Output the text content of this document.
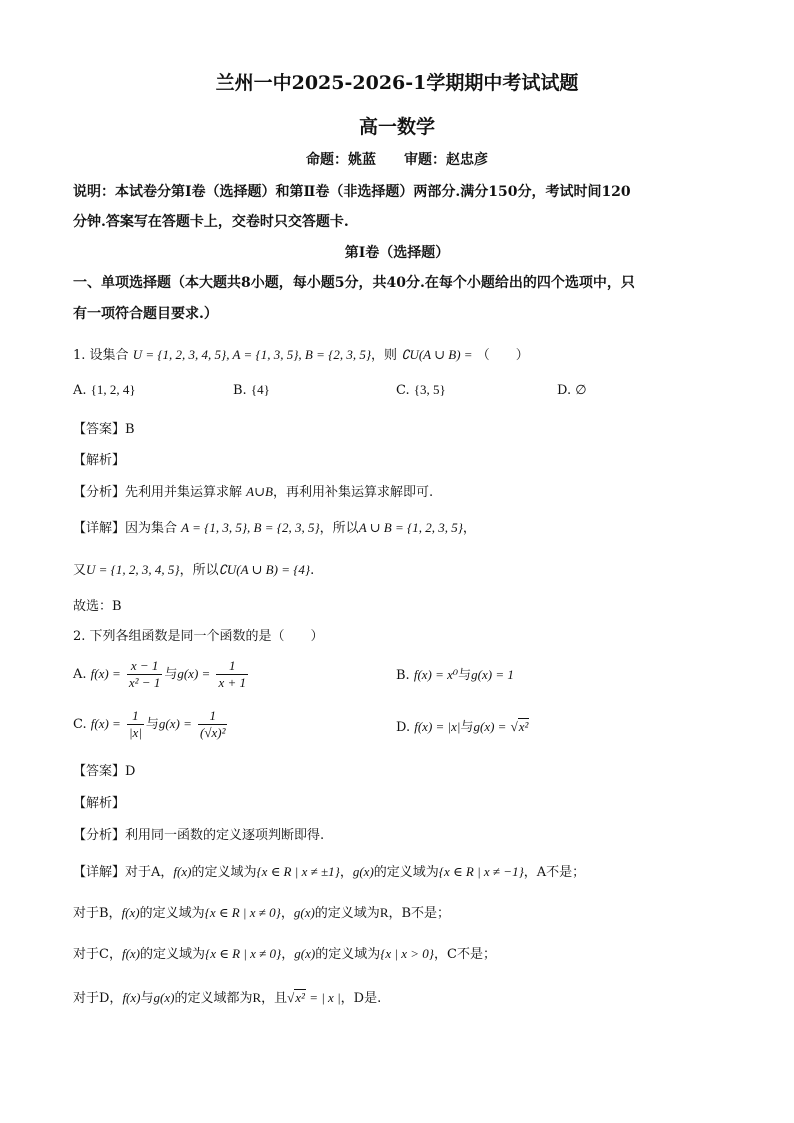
兰州一中2025-2026-1学期期中考试试题
高一数学
命题：姚蓝　　审题：赵忠彦
说明：本试卷分第Ⅰ卷（选择题）和第Ⅱ卷（非选择题）两部分.满分150分，考试时间120
分钟.答案写在答题卡上，交卷时只交答题卡.
第Ⅰ卷（选择题）
一、单项选择题（本大题共8小题，每小题5分，共40分.在每个小题给出的四个选项中，只
有一项符合题目要求.）
1. 设集合 U = {1, 2, 3, 4, 5}, A = {1, 3, 5}, B = {2, 3, 5}，则 ∁U(A ∪ B) = （　　）
A. {1, 2, 4}	B. {4}	C. {3, 5}	D. ∅
【答案】B
【解析】
【分析】先利用并集运算求解 A∪B，再利用补集运算求解即可.
【详解】因为集合 A = {1, 3, 5}, B = {2, 3, 5}，所以A ∪ B = {1, 2, 3, 5}，
又U = {1, 2, 3, 4, 5}，所以∁U(A ∪ B) = {4}.
故选：B
2. 下列各组函数是同一个函数的是（　　）
A. $f(x) = \frac{x - 1}{\text{x² − 1}}$ 与$g(x) = \frac{1}{x + 1}$	B. f(x) = x⁰与g(x) = 1
C. $f(x) = \frac{1}{|x|}$ 与$g(x) = \frac{1}{\text{(√x)²}}$	D. f(x) = |x|与g(x) = √x²
【答案】D
【解析】
【分析】利用同一函数的定义逐项判断即得.
【详解】对于A，f(x)的定义域为{x ∈ R | x ≠ ±1}，g(x)的定义域为{x ∈ R | x ≠ −1}，A不是；
对于B，f(x)的定义域为{x ∈ R | x ≠ 0}，g(x)的定义域为R，B不是；
对于C，f(x)的定义域为{x ∈ R | x ≠ 0}，g(x)的定义域为{x | x > 0}，C不是；
对于D，f(x)与g(x)的定义域都为R，且√x² = | x |，D是.
